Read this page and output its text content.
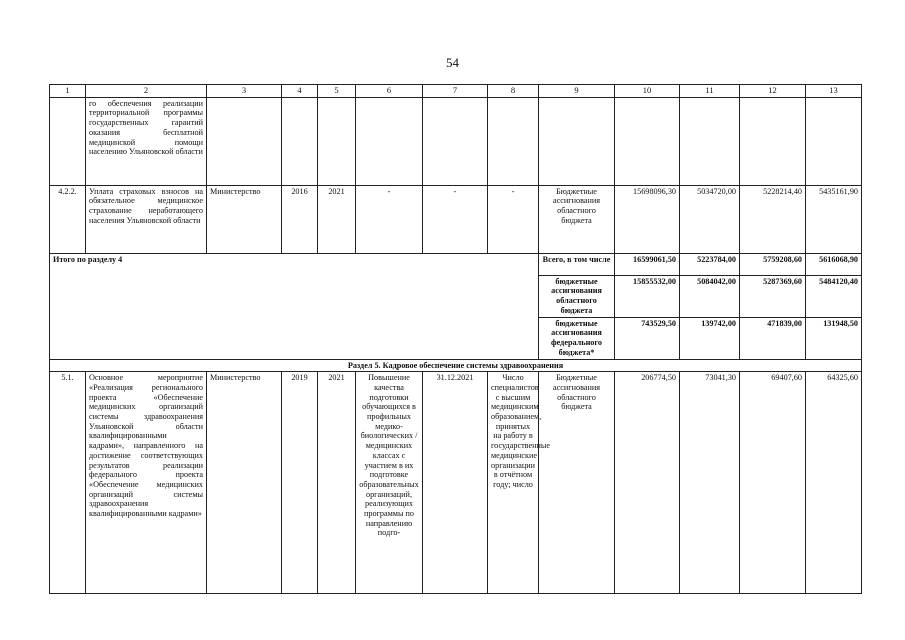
54
1	2	3	4	5	6	7	8	9	10	11	12	13
	го обеспечения реализации территориальной программы государственных гарантий оказания бесплатной медицинской помощи населению Ульяновской области											
4.2.2.	Уплата страховых взносов на обязательное медицинское страхование неработающего населения Ульяновской области	Министерство	2016	2021	-	-	-	Бюджетные ассигнования областного бюджета	15698096,30	5034720,00	5228214,40	5435161,90
Итого по разделу 4								Всего, в том числе	16599061,50	5223784,00	5759208,60	5616068,90
								бюджетные ассигнования областного бюджета	15855532,00	5084042,00	5287369,60	5484120,40
								бюджетные ассигнования федерального бюджета*	743529,50	139742,00	471839,00	131948,50
Раздел 5. Кадровое обеспечение системы здравоохранения												
5.1.	Основное мероприятие «Реализация регионального проекта «Обеспечение медицинских организаций системы здравоохранения Ульяновской области квалифицированными кадрами», направленного на достижение соответствующих результатов реализации федерального проекта «Обеспечение медицинских организаций системы здравоохранения квалифицированными кадрами»	Министерство	2019	2021	Повышение качества подготовки обучающихся в профильных медико-биологических / медицинских классах с участием в их подготовке образовательных организаций, реализующих программы по направлению подго-	31.12.2021	Число специалистов с высшим медицинским образованием, принятых на работу в государственные медицинские организации в отчётном году; число	Бюджетные ассигнования областного бюджета	206774,50	73041,30	69407,60	64325,60
